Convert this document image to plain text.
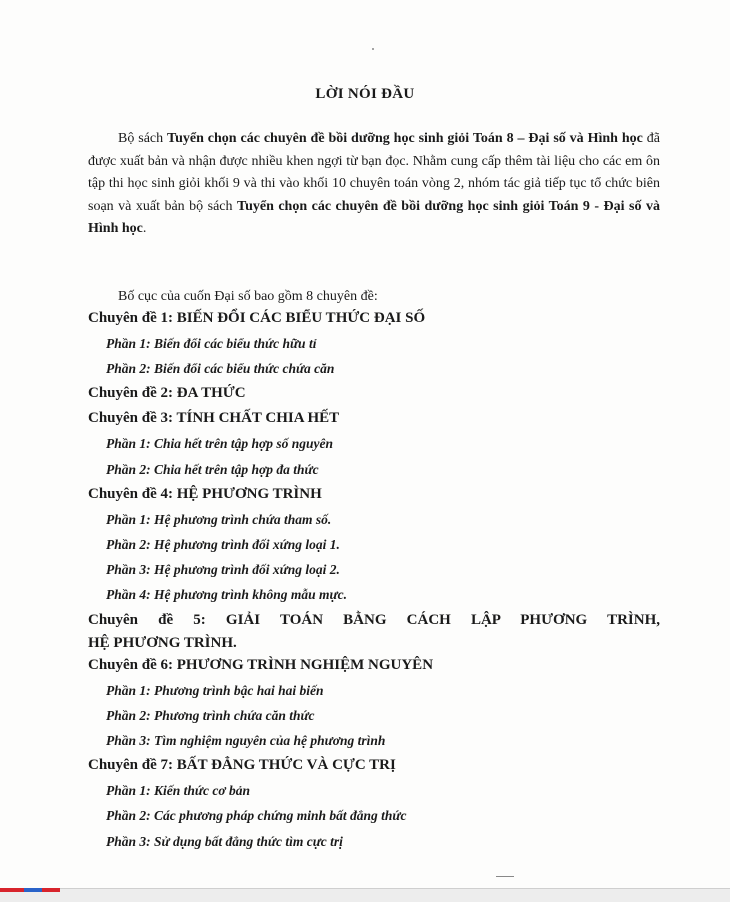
LỜI NÓI ĐẦU

Bộ sách Tuyển chọn các chuyên đề bồi dưỡng học sinh giỏi Toán 8 – Đại số và Hình học đã được xuất bản và nhận được nhiều khen ngợi từ bạn đọc. Nhằm cung cấp thêm tài liệu cho các em ôn tập thi học sinh giỏi khối 9 và thi vào khối 10 chuyên toán vòng 2, nhóm tác giả tiếp tục tổ chức biên soạn và xuất bản bộ sách Tuyển chọn các chuyên đề bồi dưỡng học sinh giỏi Toán 9 - Đại số và Hình học.

Bố cục của cuốn Đại số bao gồm 8 chuyên đề:

Chuyên đề 1: BIẾN ĐỔI CÁC BIỂU THỨC ĐẠI SỐ

Phần 1: Biến đổi các biểu thức hữu tỉ

Phần 2: Biến đổi các biểu thức chứa căn

Chuyên đề 2: ĐA THỨC

Chuyên đề 3: TÍNH CHẤT CHIA HẾT

Phần 1: Chia hết trên tập hợp số nguyên

Phần 2: Chia hết trên tập hợp đa thức

Chuyên đề 4: HỆ PHƯƠNG TRÌNH

Phần 1: Hệ phương trình chứa tham số.

Phần 2: Hệ phương trình đối xứng loại 1.

Phần 3: Hệ phương trình đối xứng loại 2.

Phần 4: Hệ phương trình không mẫu mực.

Chuyên đề 5: GIẢI TOÁN BẰNG CÁCH LẬP PHƯƠNG TRÌNH,

HỆ PHƯƠNG TRÌNH.

Chuyên đề 6: PHƯƠNG TRÌNH NGHIỆM NGUYÊN

Phần 1: Phương trình bậc hai hai biến

Phần 2: Phương trình chứa căn thức

Phần 3: Tìm nghiệm nguyên của hệ phương trình

Chuyên đề 7: BẤT ĐẲNG THỨC VÀ CỰC TRỊ

Phần 1: Kiến thức cơ bản

Phần 2: Các phương pháp chứng minh bất đẳng thức

Phần 3: Sử dụng bất đẳng thức tìm cực trị
